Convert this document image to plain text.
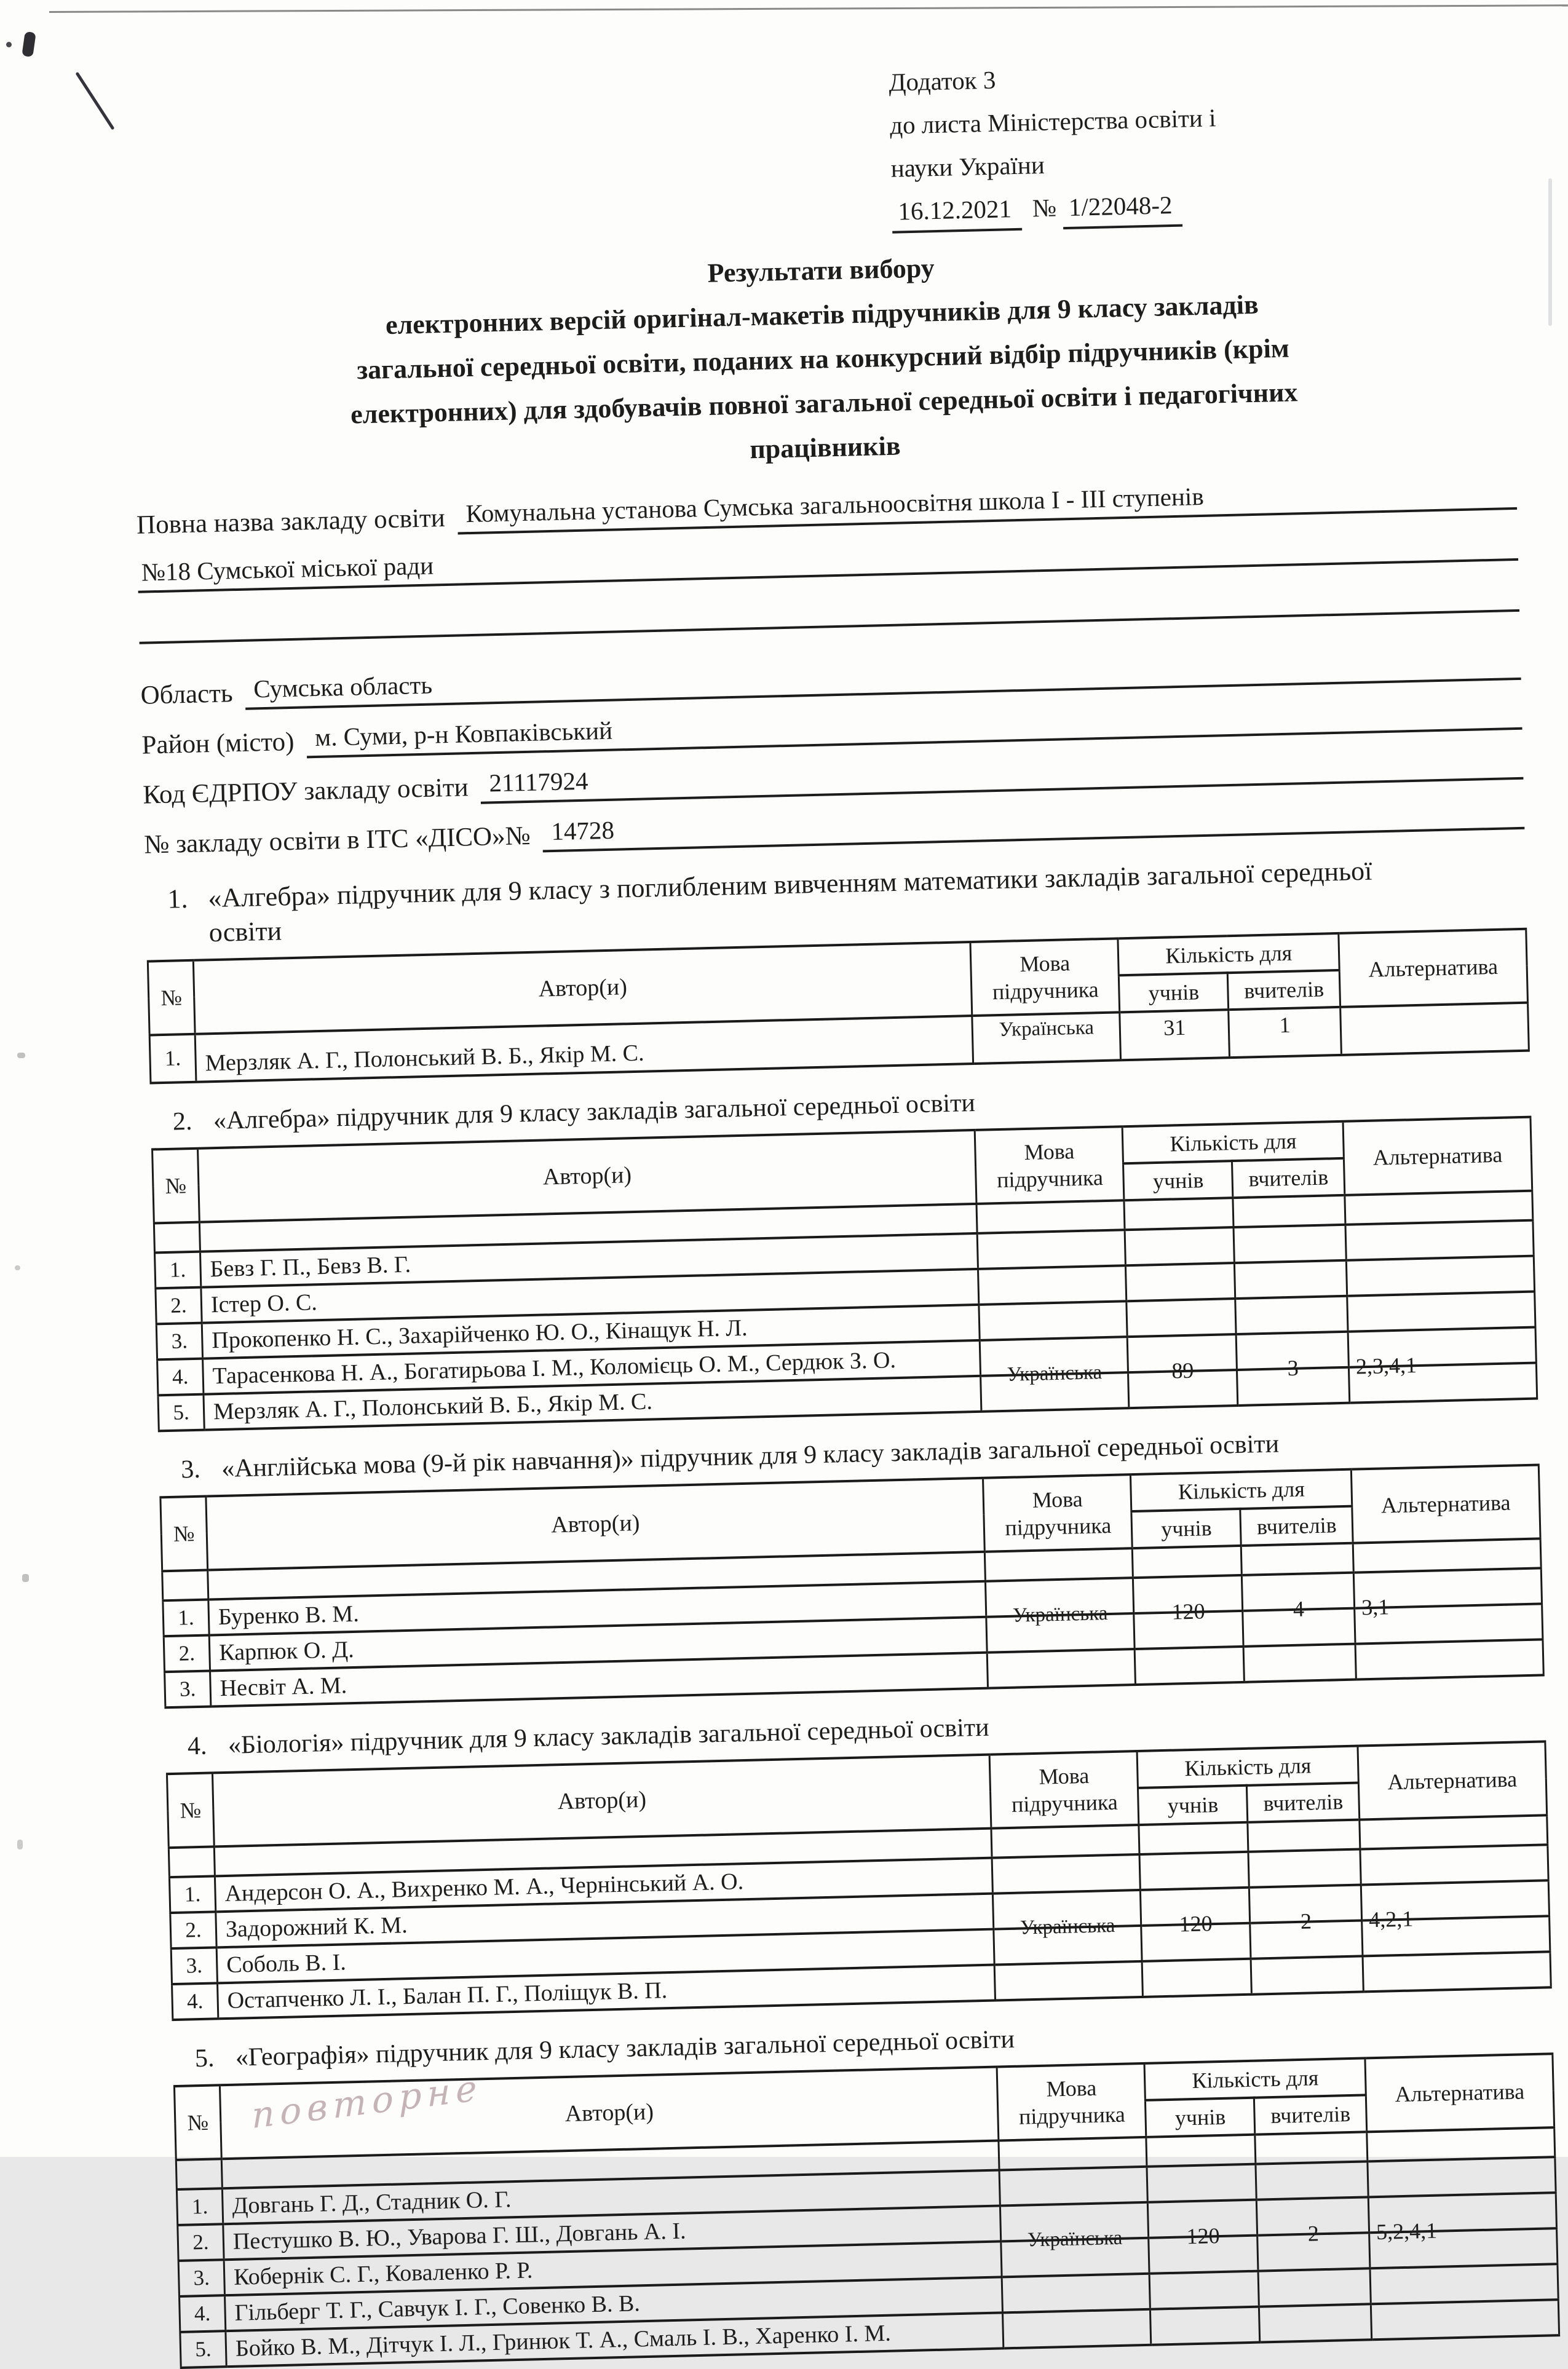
Додаток 3
до листа Міністерства освіти і
науки України
16.12.2021 № 1/22048-2
Результати вибору
електронних версій оригінал-макетів підручників для 9 класу закладів
загальної середньої освіти, поданих на конкурсний відбір підручників (крім
електронних) для здобувачів повної загальної середньої освіти і педагогічних
працівників
Повна назва закладу освіти Комунальна установа Сумська загальноосвітня школа І - ІІІ ступенів
№18 Сумської міської ради
Область Сумська область
Район (місто) м. Суми, р-н Ковпаківський
Код ЄДРПОУ закладу освіти 21117924
№ закладу освіти в ІТС «ДІСО»№ 14728

1. «Алгебра» підручник для 9 класу з поглибленим вивченням математики закладів загальної середньої освіти

№	Автор(и)	Мова підручника	Кількість для		Альтернатива
			учнів	вчителів	
1.	Мерзляк А. Г., Полонський В. Б., Якір М. С.	Українська	31	1	

2. «Алгебра» підручник для 9 класу закладів загальної середньої освіти

№	Автор(и)	Мова підручника	Кількість для		Альтернатива
			учнів	вчителів	

1.	Бевз Г. П., Бевз В. Г.				
2.	Істер О. С.				
3.	Прокопенко Н. С., Захарійченко Ю. О., Кінащук Н. Л.				
4.	Тарасенкова Н. А., Богатирьова І. М., Коломієць О. М., Сердюк З. О.				
5.	Мерзляк А. Г., Полонський В. Б., Якір М. С.	Українська	89	3	2,3,4,1

3. «Англійська мова (9-й рік навчання)» підручник для 9 класу закладів загальної середньої освіти

№	Автор(и)	Мова підручника	Кількість для		Альтернатива
			учнів	вчителів	

1.	Буренко В. М.				
2.	Карпюк О. Д.	Українська	120	4	3,1
3.	Несвіт А. М.				

4. «Біологія» підручник для 9 класу закладів загальної середньої освіти

№	Автор(и)	Мова підручника	Кількість для		Альтернатива
			учнів	вчителів	

1.	Андерсон О. А., Вихренко М. А., Чернінський А. О.				
2.	Задорожний К. М.				
3.	Соболь В. І.	Українська	120	2	4,2,1
4.	Остапченко Л. І., Балан П. Г., Поліщук В. П.				

5. «Географія» підручник для 9 класу закладів загальної середньої освіти

№	Автор(и)	Мова підручника	Кількість для		Альтернатива
			учнів	вчителів	

1.	Довгань Г. Д., Стадник О. Г.				
2.	Пестушко В. Ю., Уварова Г. Ш., Довгань А. І.				
3.	Кобернік С. Г., Коваленко Р. Р.	Українська	120	2	5,2,4,1
4.	Гільберг Т. Г., Савчук І. Г., Совенко В. В.				
5.	Бойко В. М., Дітчук І. Л., Гринюк Т. А., Смаль І. В., Харенко І. М.				
повторне
